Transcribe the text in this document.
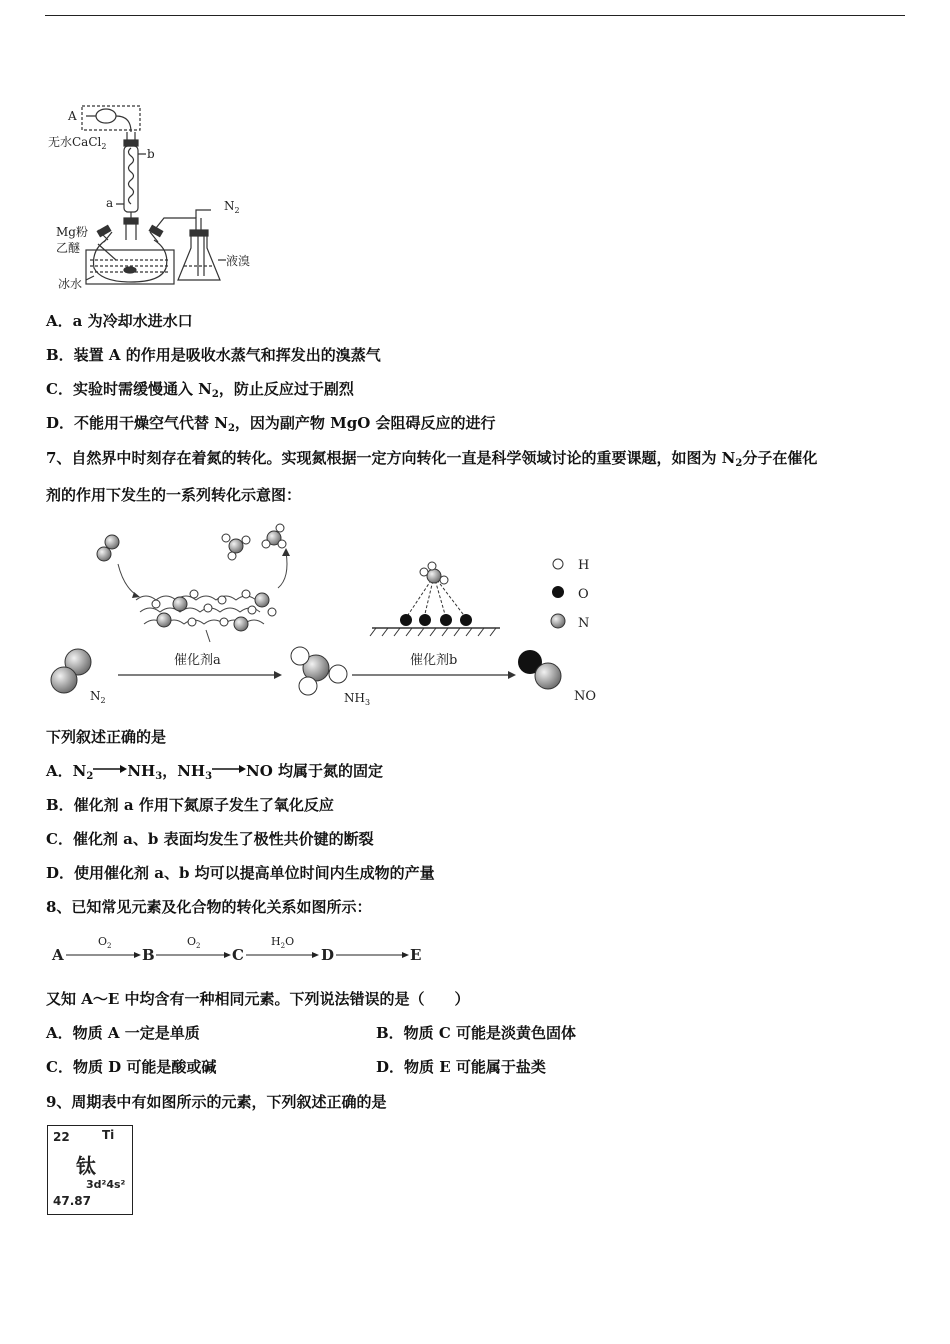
A
无水CaCl$_2$
b
a	$N_2$
Mg粉
乙醚
冰水
液溴
A．a 为冷却水进水口
B．装置 A 的作用是吸收水蒸气和挥发出的溴蒸气
C．实验时需缓慢通入 $N_2$，防止反应过于剧烈
D．不能用干燥空气代替 $N_2$，因为副产物 MgO 会阻碍反应的进行
7、自然界中时刻存在着氮的转化。实现氮根据一定方向转化一直是科学领域讨论的重要课题，如图为 $N_2$分子在催化
剂的作用下发生的一系列转化示意图：
$N_2$
催化剂a
$NH_3$
催化剂b
NO
H
O
N
下列叙述正确的是
A．$N_2$ $NH_3$，$NH_3$ NO 均属于氮的固定
B．催化剂 a 作用下氮原子发生了氧化反应
C．催化剂 a、b 表面均发生了极性共价键的断裂
D．使用催化剂 a、b 均可以提高单位时间内生成物的产量
8、已知常见元素及化合物的转化关系如图所示：
A	B	C	D	E
$O_2$	$O_2$	$H_2O$
又知 A～E 中均含有一种相同元素。下列说法错误的是（　　）
A．物质 A 一定是单质	B．物质 C 可能是淡黄色固体
C．物质 D 可能是酸或碱	D．物质 E 可能属于盐类
9、周期表中有如图所示的元素，下列叙述正确的是
22	Ti
钛
3d²4s²
47.87
